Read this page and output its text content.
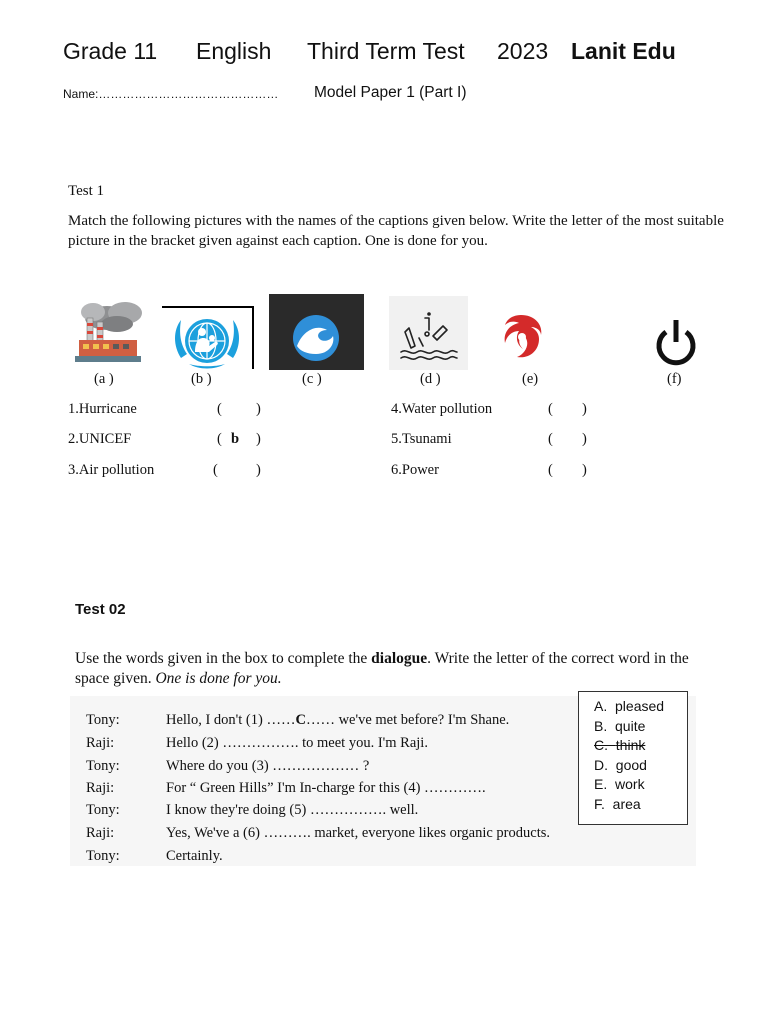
Grade 11 English Third Term Test 2023 Lanit Edu
Name:……………………………………… Model Paper 1 (Part I)
Test 1
Match the following pictures with the names of the captions given below. Write the letter of the most suitable
picture in the bracket given against each caption. One is done for you.
(a )	(b )	(c )	(d )	(e)	(f)
1.Hurricane	( )
2.UNICEF	( b )
3.Air pollution	(	)
4.Water pollution	( )
5.Tsunami	( )
6.Power	( )
Test 02
Use the words given in the box to complete the dialogue. Write the letter of the correct word in the
space given. One is done for you.
Tony:	Hello, I don't (1) ……C…… we've met before? I'm Shane.
Raji:	Hello (2) ……………. to meet you. I'm Raji.
Tony:	Where do you (3) ……………… ?
Raji:	For “ Green Hills” I'm In-charge for this (4) ………….
Tony:	I know they're doing (5) ……………. well.
Raji:	Yes, We've a (6) ………. market, everyone likes organic products.
Tony:	Certainly.
A. pleased
B. quite
C. think
D. good
E. work
F. area
